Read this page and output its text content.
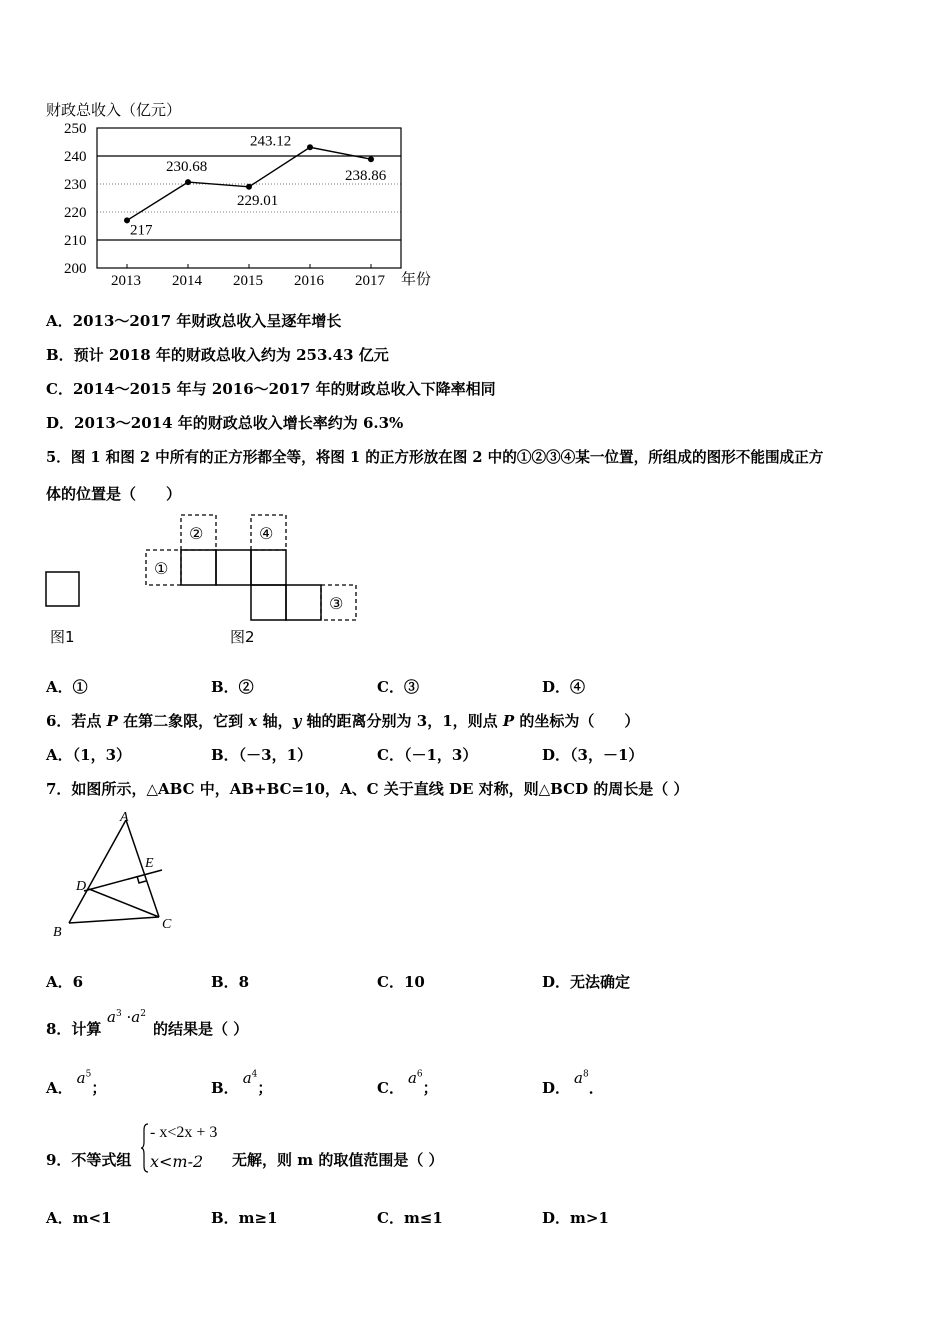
财政总收入（亿元）
200
210
220
230
240
250
2013 2014 2015 2016 2017
217
230.68
229.01
243.12
238.86
年份
A．2013～2017 年财政总收入呈逐年增长
B．预计 2018 年的财政总收入约为 253.43 亿元
C．2014～2015 年与 2016～2017 年的财政总收入下降率相同
D．2013～2014 年的财政总收入增长率约为 6.3%
5．图 1 和图 2 中所有的正方形都全等，将图 1 的正方形放在图 2 中的①②③④某一位置，所组成的图形不能围成正方
体的位置是（　　）
图1
①
②	④
③
图2
A．①	B．②	C．③	D．④
6．若点 P 在第二象限，它到 x 轴，y 轴的距离分别为 3，1，则点 P 的坐标为（　　）
A．（1，3）	B．（－3，1）	C．（－1，3）	D．（3，－1）
7．如图所示，△ABC 中，AB+BC=10，A、C 关于直线 DE 对称，则△BCD 的周长是（ ）
A
B
C
D
E
A．6	B．8	C．10	D．无法确定
8．计算
$a^3 \cdot a^2$
的结果是（ ）
A．$a^5$；	B．$a^4$；	C．$a^6$；	D．$a^8$．
9．不等式组
- x<2x + 3
x<m-2 无解，则 m 的取值范围是（ ）
A．m<1	B．m≥1	C．m≤1	D．m>1
